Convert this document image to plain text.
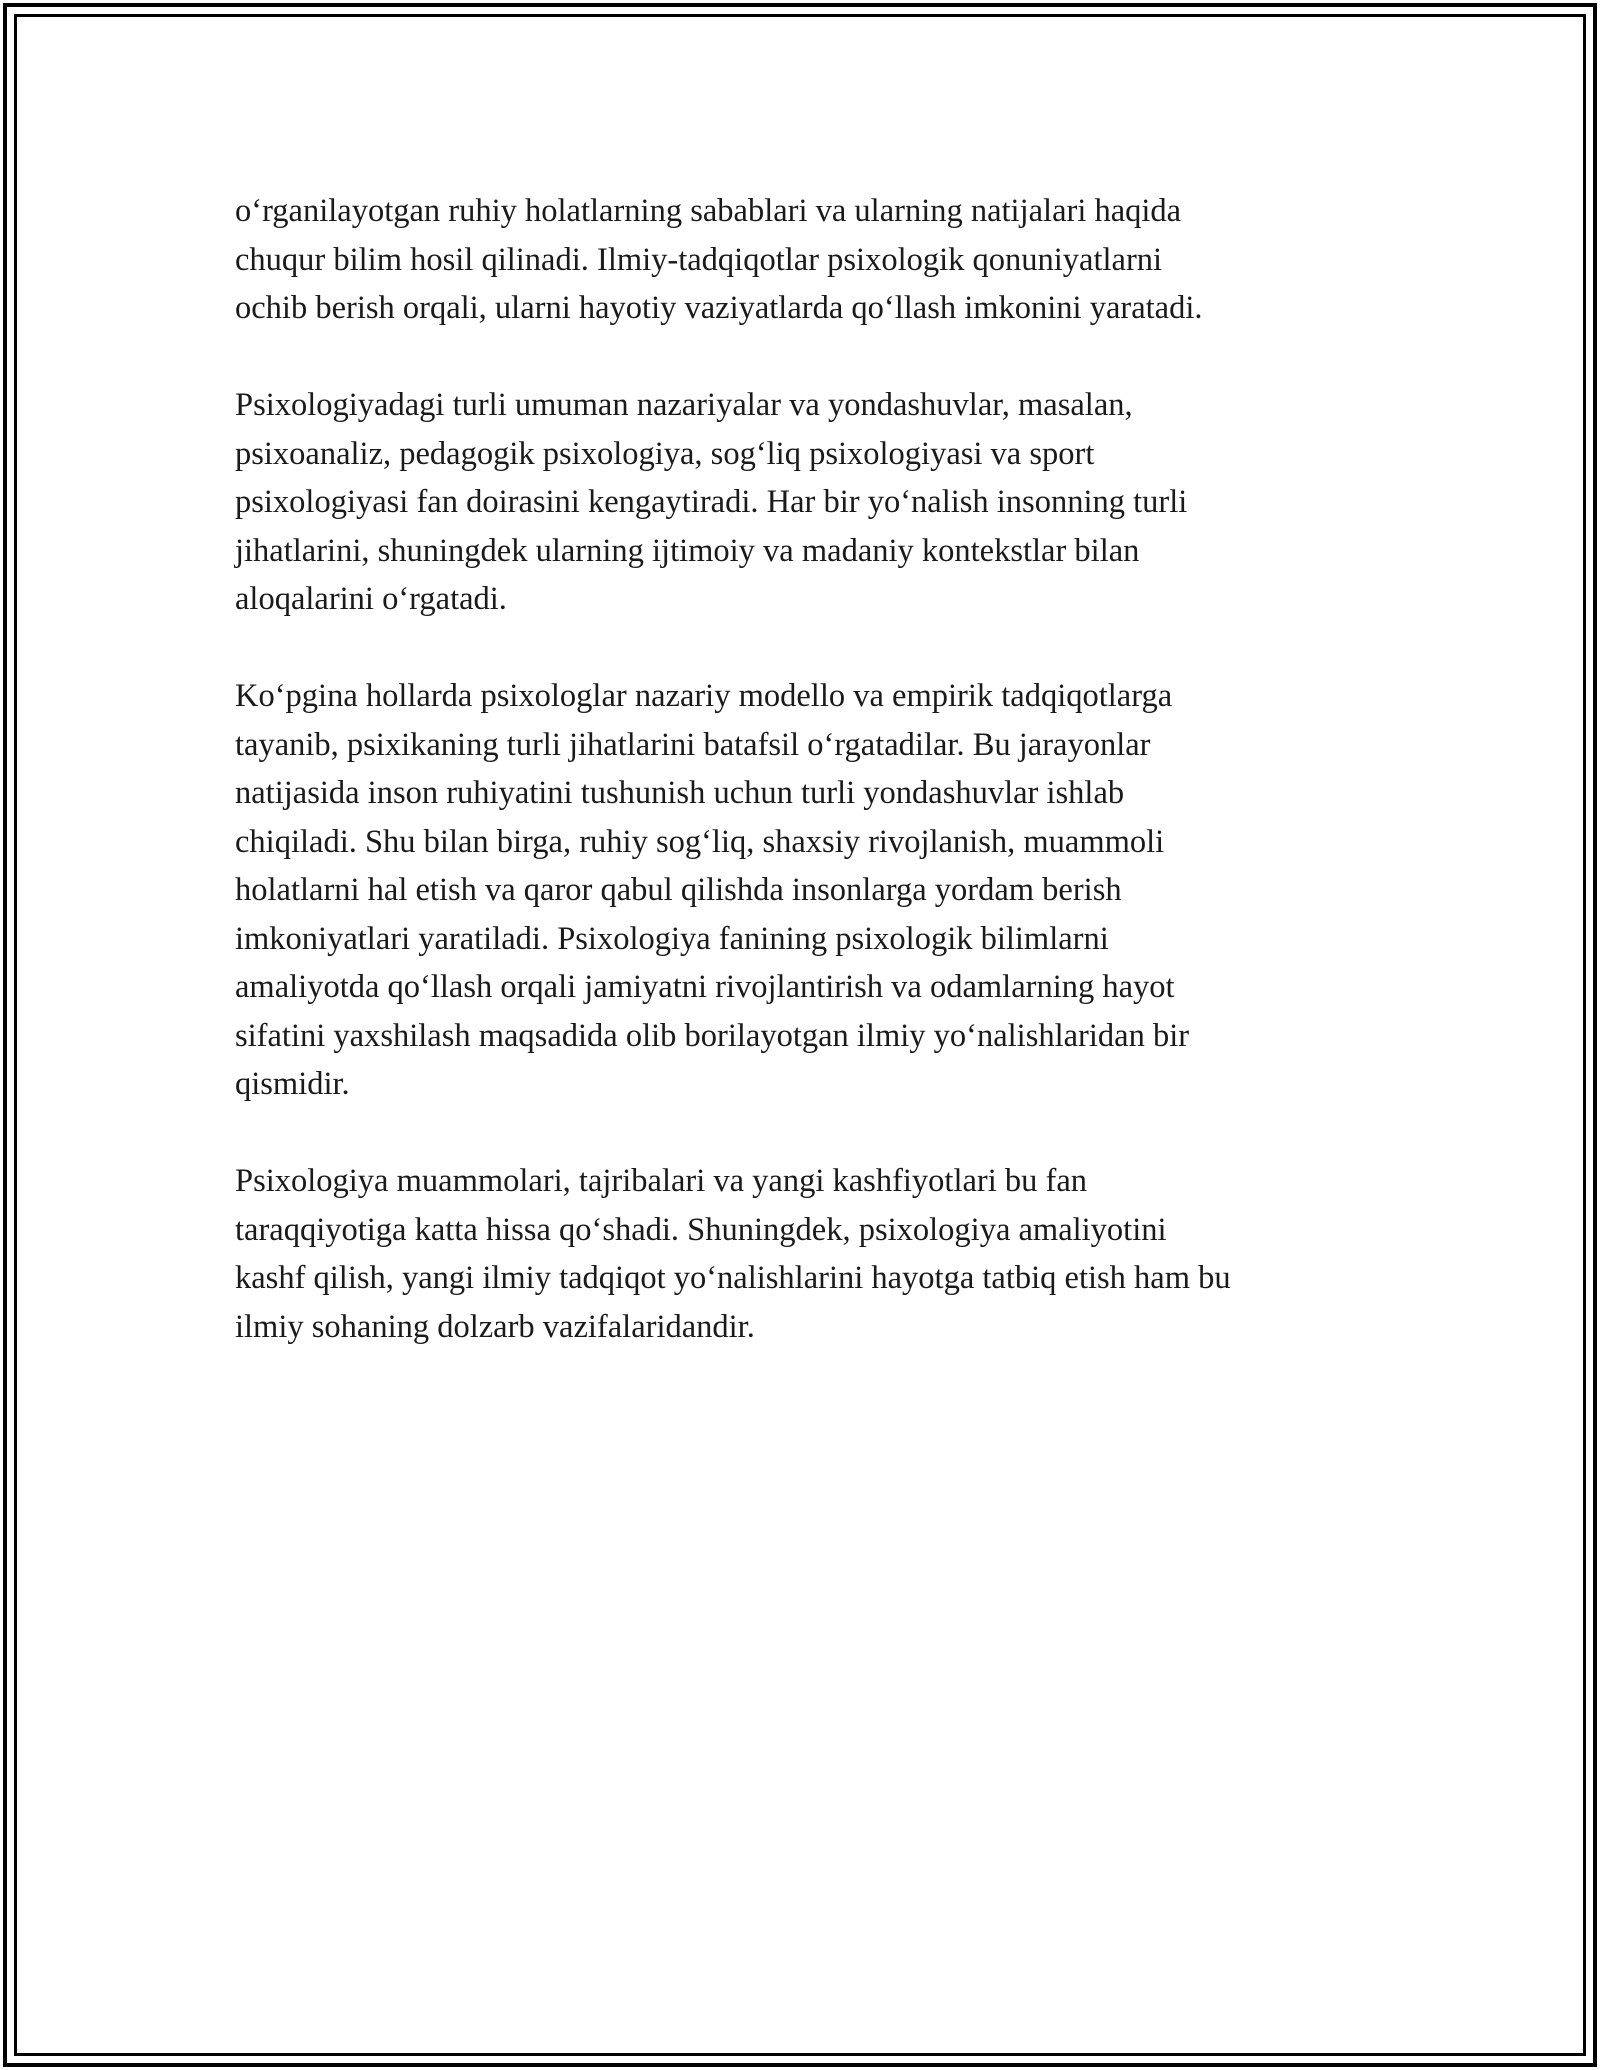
o‘rganilayotgan ruhiy holatlarning sabablari va ularning natijalari haqida
chuqur bilim hosil qilinadi. Ilmiy-tadqiqotlar psixologik qonuniyatlarni
ochib berish orqali, ularni hayotiy vaziyatlarda qo‘llash imkonini yaratadi.

Psixologiyadagi turli umuman nazariyalar va yondashuvlar, masalan,
psixoanaliz, pedagogik psixologiya, sog‘liq psixologiyasi va sport
psixologiyasi fan doirasini kengaytiradi. Har bir yo‘nalish insonning turli
jihatlarini, shuningdek ularning ijtimoiy va madaniy kontekstlar bilan
aloqalarini o‘rgatadi.

Ko‘pgina hollarda psixologlar nazariy modello va empirik tadqiqotlarga
tayanib, psixikaning turli jihatlarini batafsil o‘rgatadilar. Bu jarayonlar
natijasida inson ruhiyatini tushunish uchun turli yondashuvlar ishlab
chiqiladi. Shu bilan birga, ruhiy sog‘liq, shaxsiy rivojlanish, muammoli
holatlarni hal etish va qaror qabul qilishda insonlarga yordam berish
imkoniyatlari yaratiladi. Psixologiya fanining psixologik bilimlarni
amaliyotda qo‘llash orqali jamiyatni rivojlantirish va odamlarning hayot
sifatini yaxshilash maqsadida olib borilayotgan ilmiy yo‘nalishlaridan bir
qismidir.

Psixologiya muammolari, tajribalari va yangi kashfiyotlari bu fan
taraqqiyotiga katta hissa qo‘shadi. Shuningdek, psixologiya amaliyotini
kashf qilish, yangi ilmiy tadqiqot yo‘nalishlarini hayotga tatbiq etish ham bu
ilmiy sohaning dolzarb vazifalaridandir.
